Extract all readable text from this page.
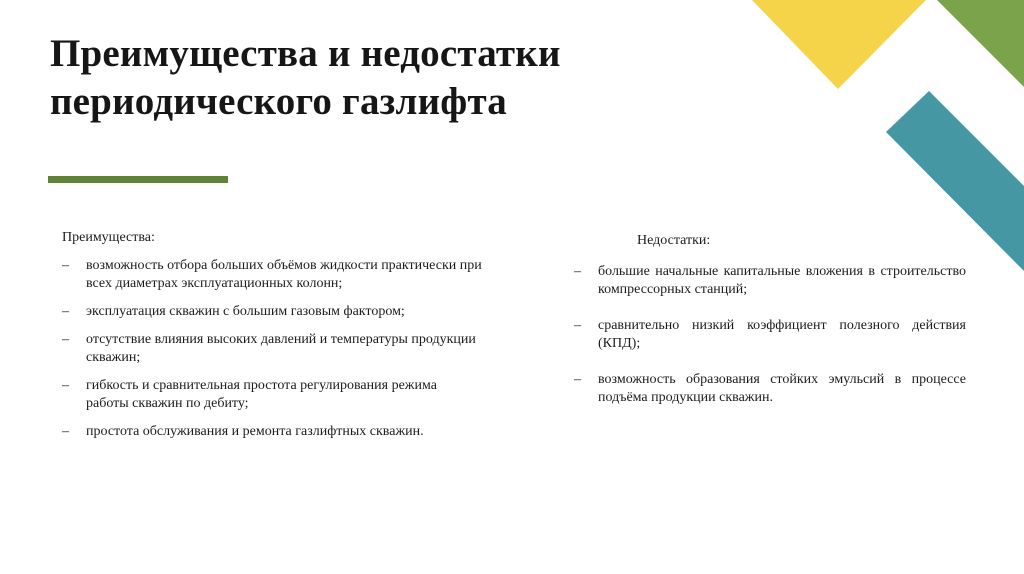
Преимущества и недостатки
периодического газлифта
Преимущества:
– возможность отбора больших объёмов жидкости практически при всех диаметрах эксплуатационных колонн;
– эксплуатация скважин с большим газовым фактором;
– отсутствие влияния высоких давлений и температуры продукции скважин;
– гибкость и сравнительная простота регулирования режима работы скважин по дебиту;
– простота обслуживания и ремонта газлифтных скважин.
Недостатки:
– большие начальные капитальные вложения в строительство компрессорных станций;
– сравнительно низкий коэффициент полезного действия (КПД);
– возможность образования стойких эмульсий в процессе подъёма продукции скважин.
